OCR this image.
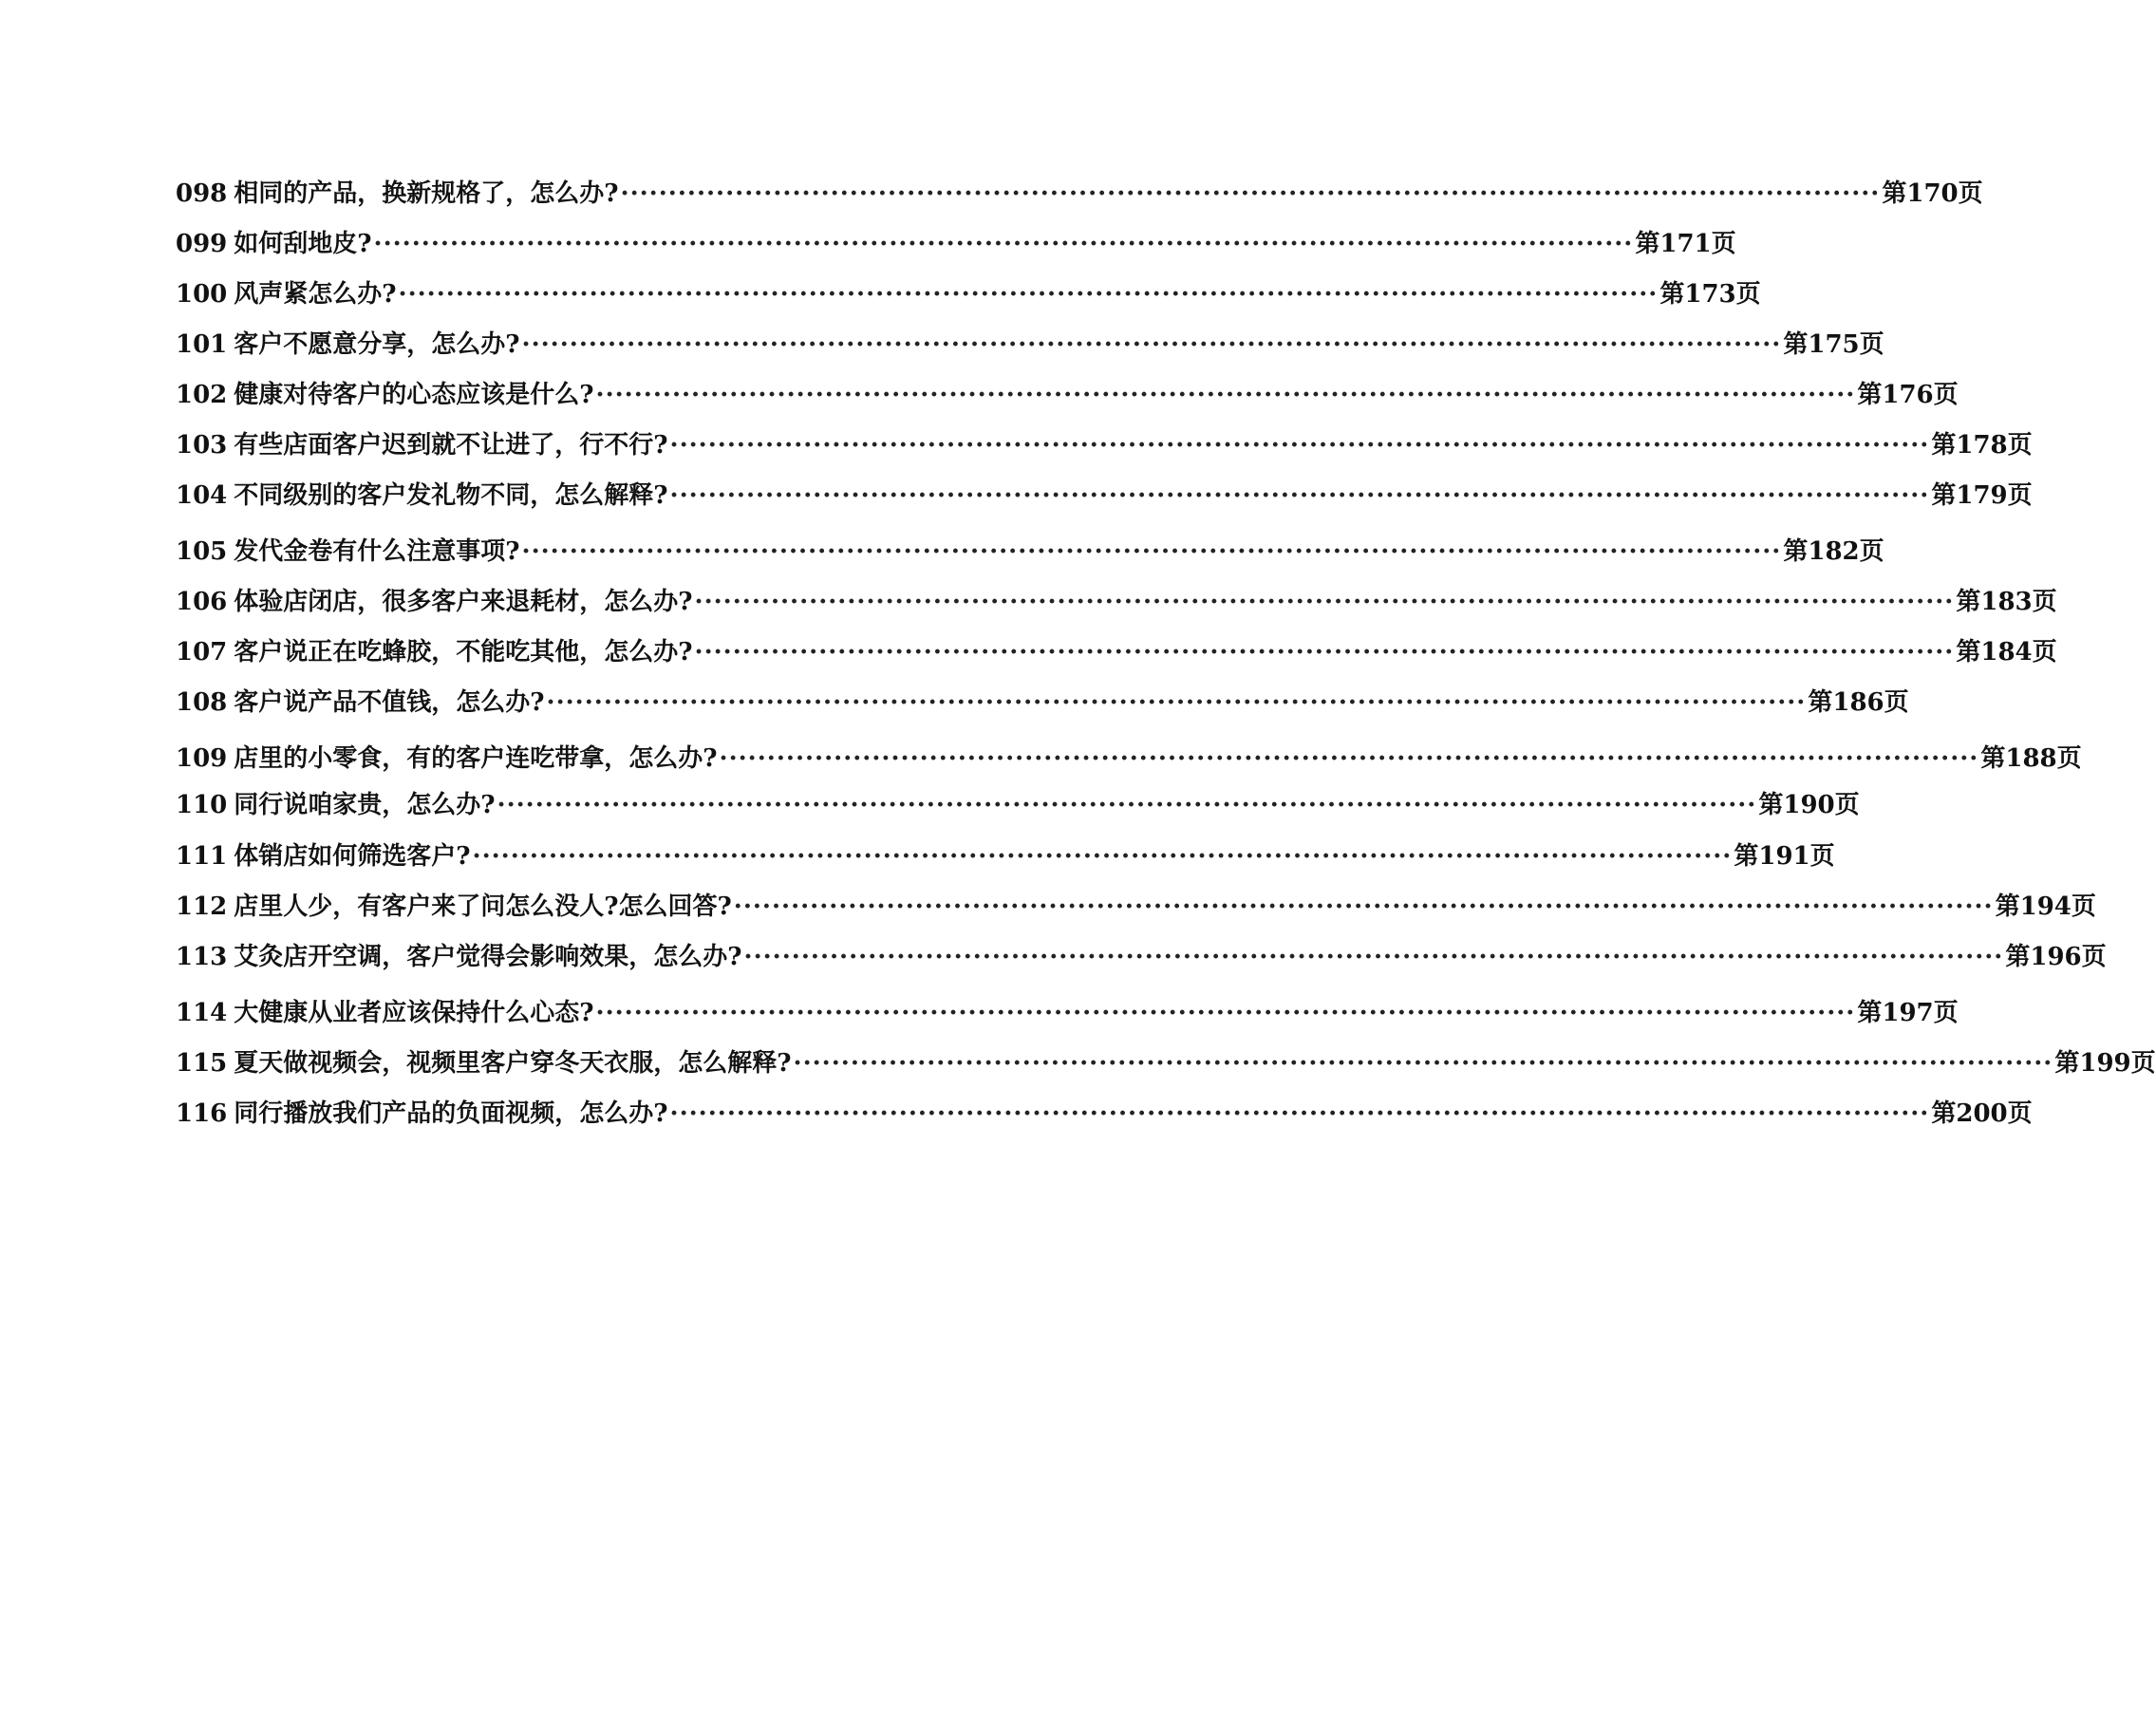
098 相同的产品，换新规格了，怎么办? ·····	第170页
099 如何刮地皮? ·····	第171页
100 风声紧怎么办? ·····	第173页
101 客户不愿意分享，怎么办? ·····	第175页
102 健康对待客户的心态应该是什么? ·····	第176页
103 有些店面客户迟到就不让进了，行不行? ·····	第178页
104 不同级别的客户发礼物不同，怎么解释? ·····	第179页
105 发代金卷有什么注意事项? ·····	第182页
106 体验店闭店，很多客户来退耗材，怎么办? ·····	第183页
107 客户说正在吃蜂胶，不能吃其他，怎么办? ·····	第184页
108 客户说产品不值钱，怎么办? ·····	第186页
109 店里的小零食，有的客户连吃带拿，怎么办? ·····	第188页
110 同行说咱家贵，怎么办? ·····	第190页
111 体销店如何筛选客户? ·····	第191页
112 店里人少，有客户来了问怎么没人?怎么回答? ·····	第194页
113 艾灸店开空调，客户觉得会影响效果，怎么办? ·····	第196页
114 大健康从业者应该保持什么心态? ·····	第197页
115 夏天做视频会，视频里客户穿冬天衣服，怎么解释? ·····	第199页
116 同行播放我们产品的负面视频，怎么办? ·····	第200页
